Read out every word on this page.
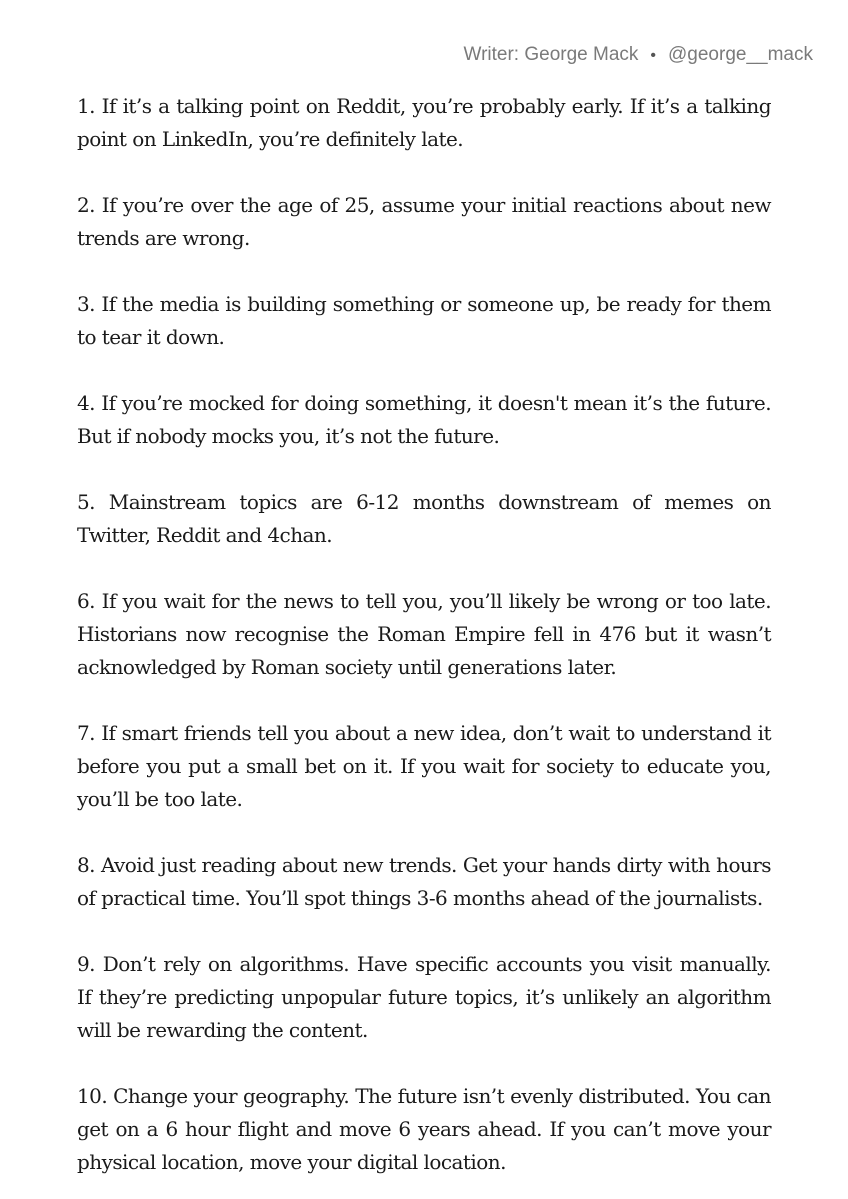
Writer: George Mack • @george__mack

1. If it’s a talking point on Reddit, you’re probably early. If it’s a talking point on LinkedIn, you’re definitely late.

2. If you’re over the age of 25, assume your initial reactions about new trends are wrong.

3. If the media is building something or someone up, be ready for them to tear it down.

4. If you’re mocked for doing something, it doesn't mean it’s the future. But if nobody mocks you, it’s not the future.

5. Mainstream topics are 6-12 months downstream of memes on Twitter, Reddit and 4chan.

6. If you wait for the news to tell you, you’ll likely be wrong or too late. Historians now recognise the Roman Empire fell in 476 but it wasn’t acknowledged by Roman society until generations later.

7. If smart friends tell you about a new idea, don’t wait to understand it before you put a small bet on it. If you wait for society to educate you, you’ll be too late.

8. Avoid just reading about new trends. Get your hands dirty with hours of practical time. You’ll spot things 3-6 months ahead of the journalists.

9. Don’t rely on algorithms. Have specific accounts you visit manually. If they’re predicting unpopular future topics, it’s unlikely an algorithm will be rewarding the content.

10. Change your geography. The future isn’t evenly distributed. You can get on a 6 hour flight and move 6 years ahead. If you can’t move your physical location, move your digital location.
